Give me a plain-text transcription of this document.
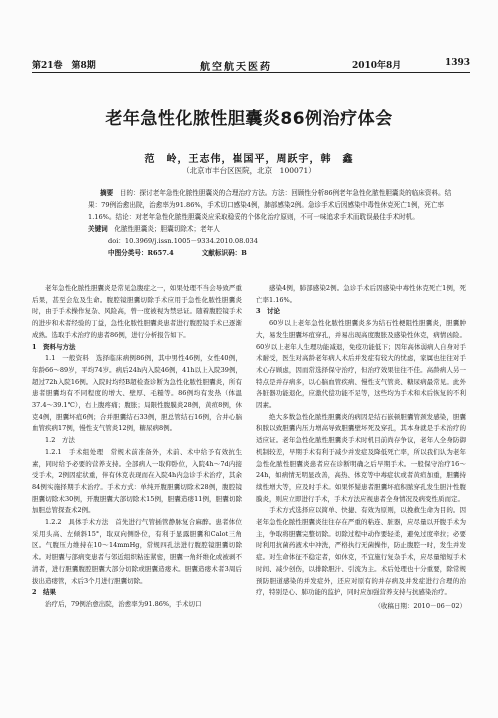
第21卷　第8期	航空航天医药	2010年8月	1393
老年急性化脓性胆囊炎86例治疗体会
范　岭，王志伟，崔国平，周跃宇，韩　鑫
（北京市丰台区医院，北京　100071）
摘要　 目的：探讨老年急性化脓性胆囊炎的合理治疗方法。方法：回顾性分析86例老年急性化脓性胆囊炎的临床资料。结果：79例治愈出院，治愈率为91.86%，手术切口感染4例，肺部感染2例。急诊手术后因感染中毒性休克死亡1例，死亡率1.16%。结论：对老年急性化脓性胆囊炎应采取稳妥的个体化治疗原则，不可一味追求手术而耽误最佳手术时机。
关键词　 化脓性胆囊炎；胆囊切除术；老年人
doi：10.3969/j.issn.1005－9334.2010.08.034
中图分类号：R657.4	文献标识码：B

老年急性化脓性胆囊炎是常见急腹症之一，如果处理不当会导致严重后果，甚至会危及生命。腹腔镜胆囊切除手术应用于急性化脓性胆囊炎时，由于手术操作复杂、风险高，曾一度被视为禁忌证。随着腹腔镜手术的进步和术者经验的丁益，急性化脓性胆囊炎患者进行腹腔镜手术已逐渐成熟。选取手术治疗的患者86例，进行分析报告如下。

1　资料与方法

1.1　一般资料　选择临床病例86例，其中男性46例，女性40例，年龄66～89岁，平均74岁。病后24h内入院46例，41h以上入院39例，超过72h入院16例。入院时均经B超检查诊断为急性化脓性胆囊炎，所有患者胆囊均有不同程度的增大、壁厚、毛糙等。86例均有发热（体温37.4～39.1℃），右上腹疼痛；腹胀；局限性腹膜炎28例，黄疸8例，休克4例，胆囊坏疽6例；合并胆囊结石33例，胆总管结石16例，合并心脑血管疾病17例，慢性支气管炎12例，糖尿病8例。

1.2　方法

1.2.1　手术组处理　常规术前准备外，术前、术中给予有效抗生素，同时给予必要的营养支持。全部病人一取仰卧位，入院4h～7d内接受手术，2例因症状重，伴有休克表现而在入院4h内急诊手术治疗，其余84例实施择期手术治疗。手术方式：单纯开腹胆囊切除术28例，腹腔镜胆囊切除术30例，开腹胆囊大部切除术15例，胆囊造瘘11例，胆囊切除加胆总管探查术2例。

1.2.2　具体手术方法　首先进行气管插管静脉复合麻醉。患者体位采用头高、左倾斜15°，取双向侧卧位，有利于显露胆囊和Calot三角区。气腹压力维持在10～14mmHg，常规四孔法进行腹腔镜胆囊切除术。对胆囊与部病变患者与邻近组织粘连紧密，胆囊一角纤维化或被剥不清者，进行胆囊腹腔胆囊大部分切除或胆囊造瘘术。胆囊造瘘术者3周后拔出造瘘管，术后3个月进行胆囊切除。

2　结果

治疗后，79例治愈出院，治愈率为91.86%，手术切口

感染4例，肺部感染2例。急诊手术后因感染中毒性休克死亡1例，死亡率1.16%。

3　讨论

60岁以上老年急性化脓性胆囊炎多为结石性梗阻性胆囊炎，胆囊肿大，易发生胆囊坏疽穿孔，并易出现高度腹胀及感染性休克，病情凶险。60岁以上老年人生理功能减退，免疫功能低下；因年高体弱病人自身对手术耐受，医生对高龄老年病人术后并发症有较大的忧虑，家属也往往对手术心存顾虑，因而常选择保守治疗，但治疗效果往往不佳。高龄病人另一特点是并存病多，以心脑血管疾病、慢性支气管炎、糖尿病最常见。此外各脏器功能退化，应激代偿功能不足等，这些均为手术和术后恢复的不利因素。

绝大多数急性化脓性胆囊炎的病因是结石嵌顿胆囊管颈发感染，胆囊积脓以致胆囊内压力增高导致胆囊壁坏死及穿孔，其本身就是手术治疗的适应证。老年急性化脓性胆囊炎手术时机目前尚存争议，老年人全身防御机制较差，早期手术有利于减少并发症及降低死亡率，所以我们认为老年急性化脓性胆囊炎患者应在诊断明确之后早期手术。一般保守治疗16～24h，如病情无明显改善，高热、体克等中毒症状或者黄疸加重，胆囊持续性增大等，应及时手术。如果怀疑患者胆囊坏疽积脓穿孔发生胆汁性腹膜炎，则应立即进行手术，手术方法应视患者全身情况及病变性质而定。

手术方式选择应以简单、快捷、有效为原则，以挽救生命为目的。因老年急性化脓性胆囊炎往往存在严重的粘连、脏器，应尽量以开腹手术为主，争取将胆囊完整切除。切除过程中动作要轻柔，避免过度牵拉；必要时利用抗菌药液术中冲洗，严格执行无菌操作，防止腹腔一时，发生并发症。对生命体征不稳定者，如休克，不宜施行复杂手术，应尽量缩短手术时间、减少创伤，以排除胆汁、引流为主。术后处理也十分重要，除常规预防胆道感染的并发症外，还应对原有的并存病及并发症进行合理的治疗，特别是心、肺功能的监护，同时应加强营养支持与抗感染治疗。

（收稿日期：2010－06－02）
